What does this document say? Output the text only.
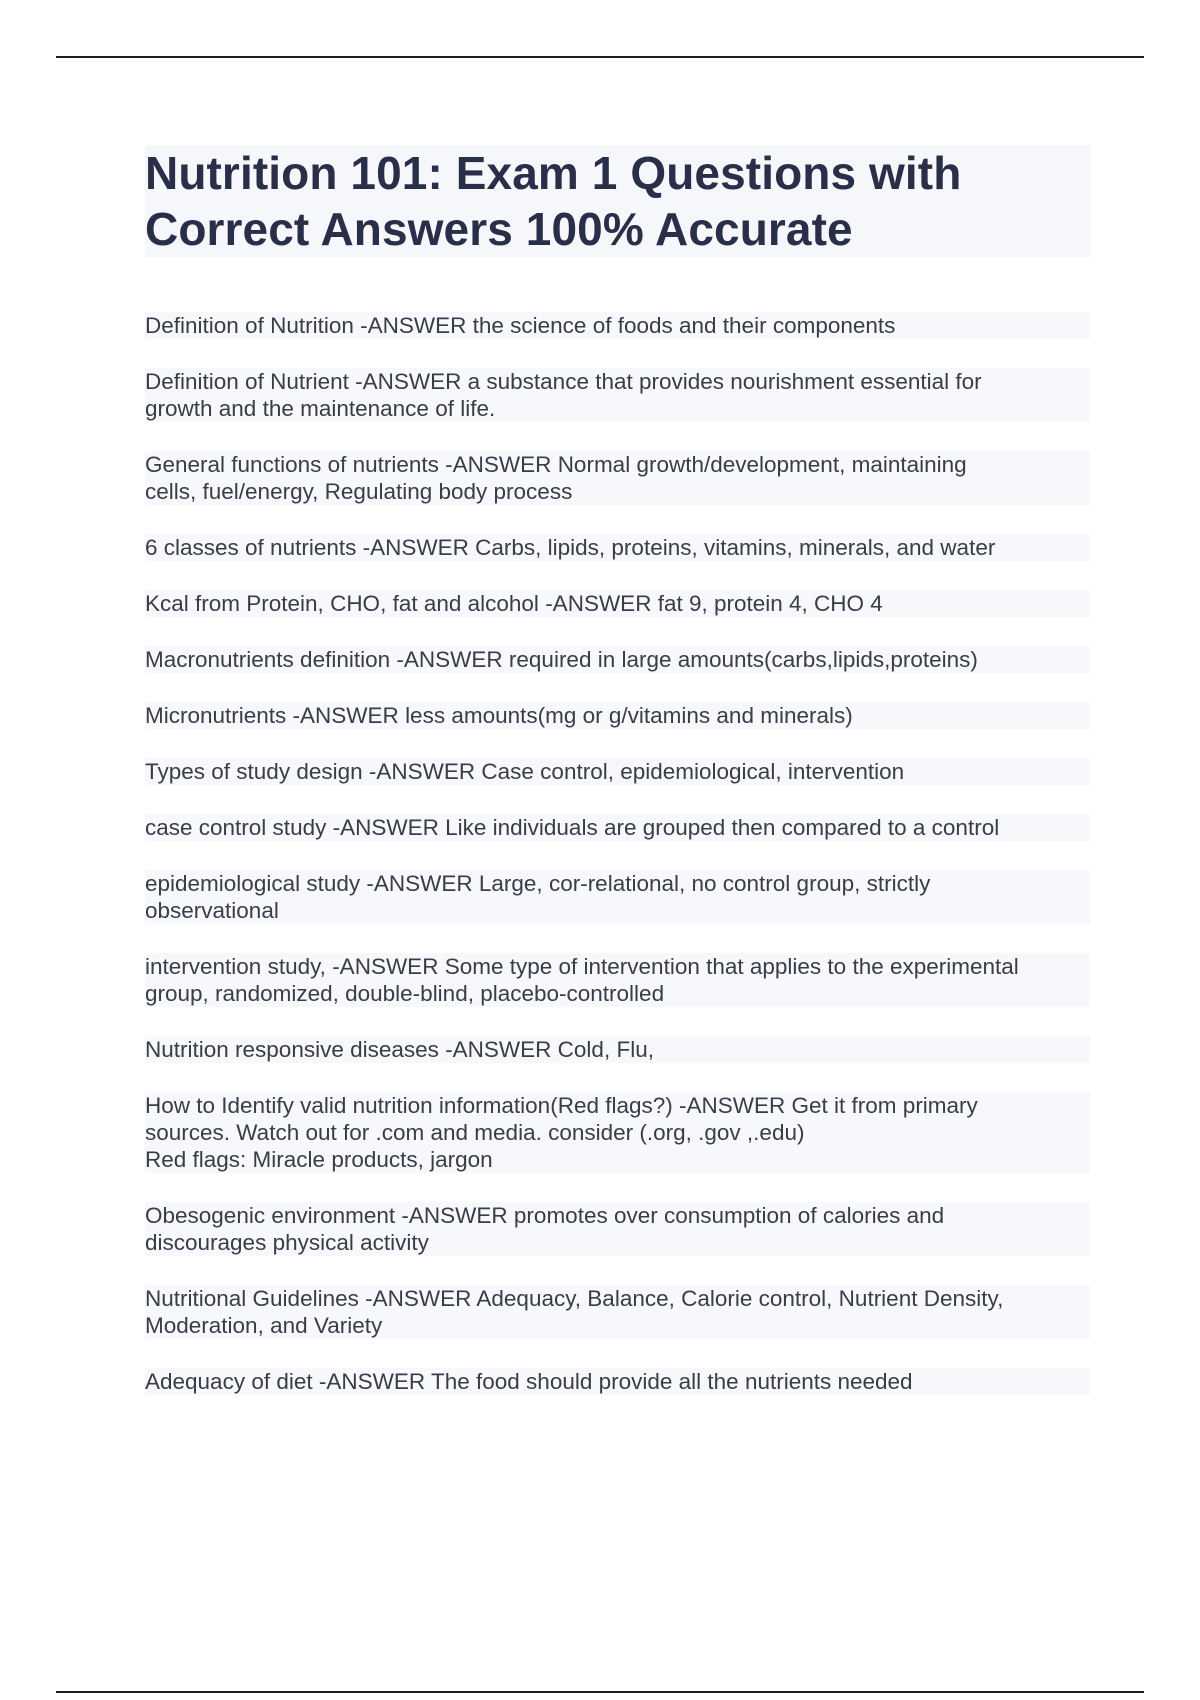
Nutrition 101: Exam 1 Questions with
Correct Answers 100% Accurate
Definition of Nutrition -ANSWER the science of foods and their components
Definition of Nutrient -ANSWER a substance that provides nourishment essential for
growth and the maintenance of life.
General functions of nutrients -ANSWER Normal growth/development, maintaining
cells, fuel/energy, Regulating body process
6 classes of nutrients -ANSWER Carbs, lipids, proteins, vitamins, minerals, and water
Kcal from Protein, CHO, fat and alcohol -ANSWER fat 9, protein 4, CHO 4
Macronutrients definition -ANSWER required in large amounts(carbs,lipids,proteins)
Micronutrients -ANSWER less amounts(mg or g/vitamins and minerals)
Types of study design -ANSWER Case control, epidemiological, intervention
case control study -ANSWER Like individuals are grouped then compared to a control
epidemiological study -ANSWER Large, cor-relational, no control group, strictly
observational
intervention study, -ANSWER Some type of intervention that applies to the experimental
group, randomized, double-blind, placebo-controlled
Nutrition responsive diseases -ANSWER Cold, Flu,
How to Identify valid nutrition information(Red flags?) -ANSWER Get it from primary
sources. Watch out for .com and media. consider (.org, .gov ,.edu)
Red flags: Miracle products, jargon
Obesogenic environment -ANSWER promotes over consumption of calories and
discourages physical activity
Nutritional Guidelines -ANSWER Adequacy, Balance, Calorie control, Nutrient Density,
Moderation, and Variety
Adequacy of diet -ANSWER The food should provide all the nutrients needed
